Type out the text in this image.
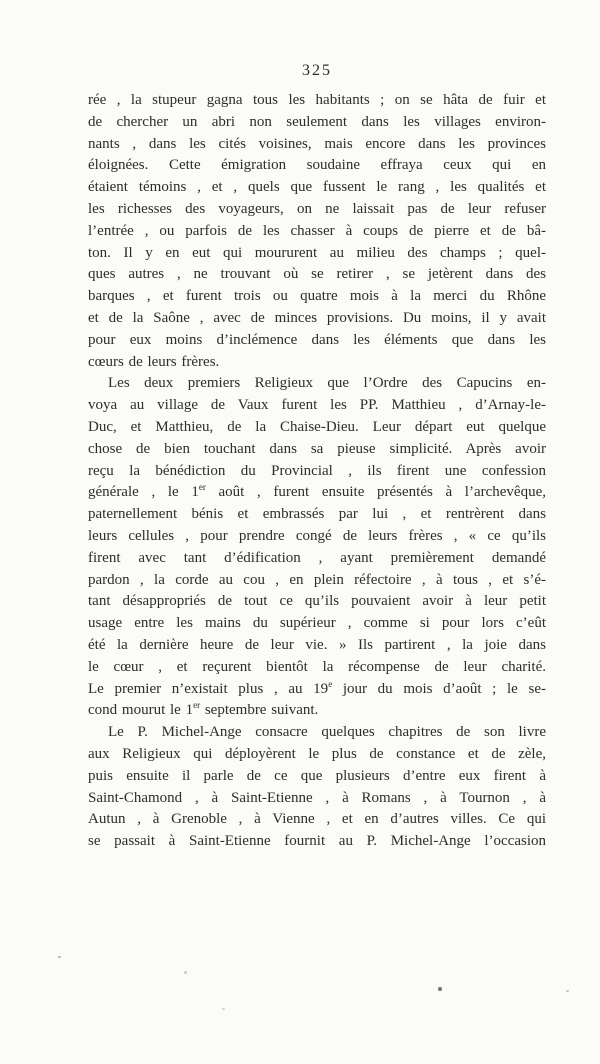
325
rée , la stupeur gagna tous les habitants ; on se hâta de fuir et
de chercher un abri non seulement dans les villages environ-
nants , dans les cités voisines, mais encore dans les provinces
éloignées. Cette émigration soudaine effraya ceux qui en
étaient témoins , et , quels que fussent le rang , les qualités et
les richesses des voyageurs, on ne laissait pas de leur refuser
l’entrée , ou parfois de les chasser à coups de pierre et de bâ-
ton. Il y en eut qui moururent au milieu des champs ; quel-
ques autres , ne trouvant où se retirer , se jetèrent dans des
barques , et furent trois ou quatre mois à la merci du Rhône
et de la Saône , avec de minces provisions. Du moins, il y avait
pour eux moins d’inclémence dans les éléments que dans les
cœurs de leurs frères.
Les deux premiers Religieux que l’Ordre des Capucins en-
voya au village de Vaux furent les PP. Matthieu , d’Arnay-le-
Duc, et Matthieu, de la Chaise-Dieu. Leur départ eut quelque
chose de bien touchant dans sa pieuse simplicité. Après avoir
reçu la bénédiction du Provincial , ils firent une confession
générale , le 1er août , furent ensuite présentés à l’archevêque,
paternellement bénis et embrassés par lui , et rentrèrent dans
leurs cellules , pour prendre congé de leurs frères , « ce qu’ils
firent avec tant d’édification , ayant premièrement demandé
pardon , la corde au cou , en plein réfectoire , à tous , et s’é-
tant désappropriés de tout ce qu’ils pouvaient avoir à leur petit
usage entre les mains du supérieur , comme si pour lors c’eût
été la dernière heure de leur vie. » Ils partirent , la joie dans
le cœur , et reçurent bientôt la récompense de leur charité.
Le premier n’existait plus , au 19e jour du mois d’août ; le se-
cond mourut le 1er septembre suivant.
Le P. Michel-Ange consacre quelques chapitres de son livre
aux Religieux qui déployèrent le plus de constance et de zèle,
puis ensuite il parle de ce que plusieurs d’entre eux firent à
Saint-Chamond , à Saint-Etienne , à Romans , à Tournon , à
Autun , à Grenoble , à Vienne , et en d’autres villes. Ce qui
se passait à Saint-Etienne fournit au P. Michel-Ange l’occasion
